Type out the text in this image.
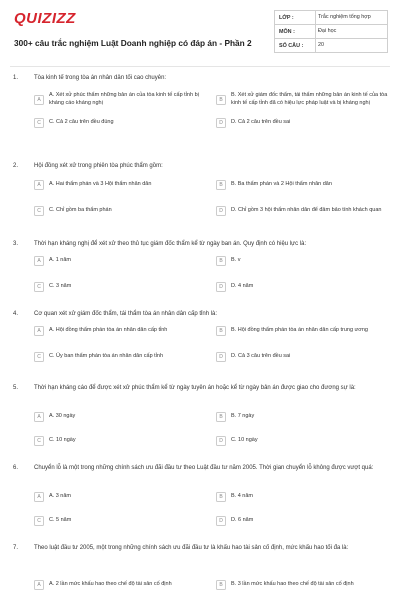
QUIZIZZ
300+ câu trắc nghiệm Luật Doanh nghiệp có đáp án - Phần 2
LỚP :	Trắc nghiệm tổng hợp
MÔN :	Đại học
SỐ CÂU :	20
1.	Tòa kinh tế trong tòa án nhân dân tối cao chuyên:
A
A. Xét xử phúc thẩm những bản án của tòa kinh tế cấp tỉnh bị kháng cáo kháng nghị	B
B. Xét xử giám đốc thẩm, tái thẩm những bản án kinh tế của tòa kinh tế cấp tỉnh đã có hiệu lực pháp luật và bị kháng nghị
C	C. Cả 2 câu trên đều đúng	D	D. Cả 2 câu trên đều sai
2.	Hội đồng xét xử trong phiên tòa phúc thẩm gồm:
A	A. Hai thẩm phán và 3 Hội thẩm nhân dân	B	B. Ba thẩm phán và 2 Hội thẩm nhân dân
C	C. Chỉ gồm ba thẩm phán	D	D. Chỉ gồm 3 hội thẩm nhân dân để đảm bảo tính khách quan
3.	Thời hạn kháng nghị để xét xử theo thủ tục giám đốc thẩm kể từ ngày ban án. Quy định có hiệu lực là:
A	A. 1 năm	B	B. v
C	C. 3 năm	D	D. 4 năm
4.	Cơ quan xét xử giám đốc thẩm, tái thẩm tòa án nhân dân cấp tỉnh là:
A	A. Hội đồng thẩm phán tòa án nhân dân cấp tỉnh	B	B. Hội đồng thẩm phán tòa án nhân dân cấp trung ương
C	C. Ủy ban thẩm phán tòa án nhân dân cấp tỉnh	D	D. Cả 3 câu trên đều sai
5.	Thời hạn kháng cáo để được xét xử phúc thẩm kể từ ngày tuyên án hoặc kể từ ngày bản án được giao cho đương sự là:
A	A. 30 ngày	B	B. 7 ngày
C	C. 10 ngày	D	C. 10 ngày
6.	Chuyển lỗ là một trong những chính sách ưu đãi đầu tư theo Luật đầu tư năm 2005. Thời gian chuyển lỗ không được vượt quá:
A	A. 3 năm	B	B. 4 năm
C	C. 5 năm	D	D. 6 năm
7.	Theo luật đầu tư 2005, một trong những chính sách ưu đãi đầu tư là khấu hao tài sản cố định, mức khấu hao tối đa là:
A	A. 2 lần mức khấu hao theo chế độ tài sản cố định	B	B. 3 lần mức khấu hao theo chế độ tài sản cố định
